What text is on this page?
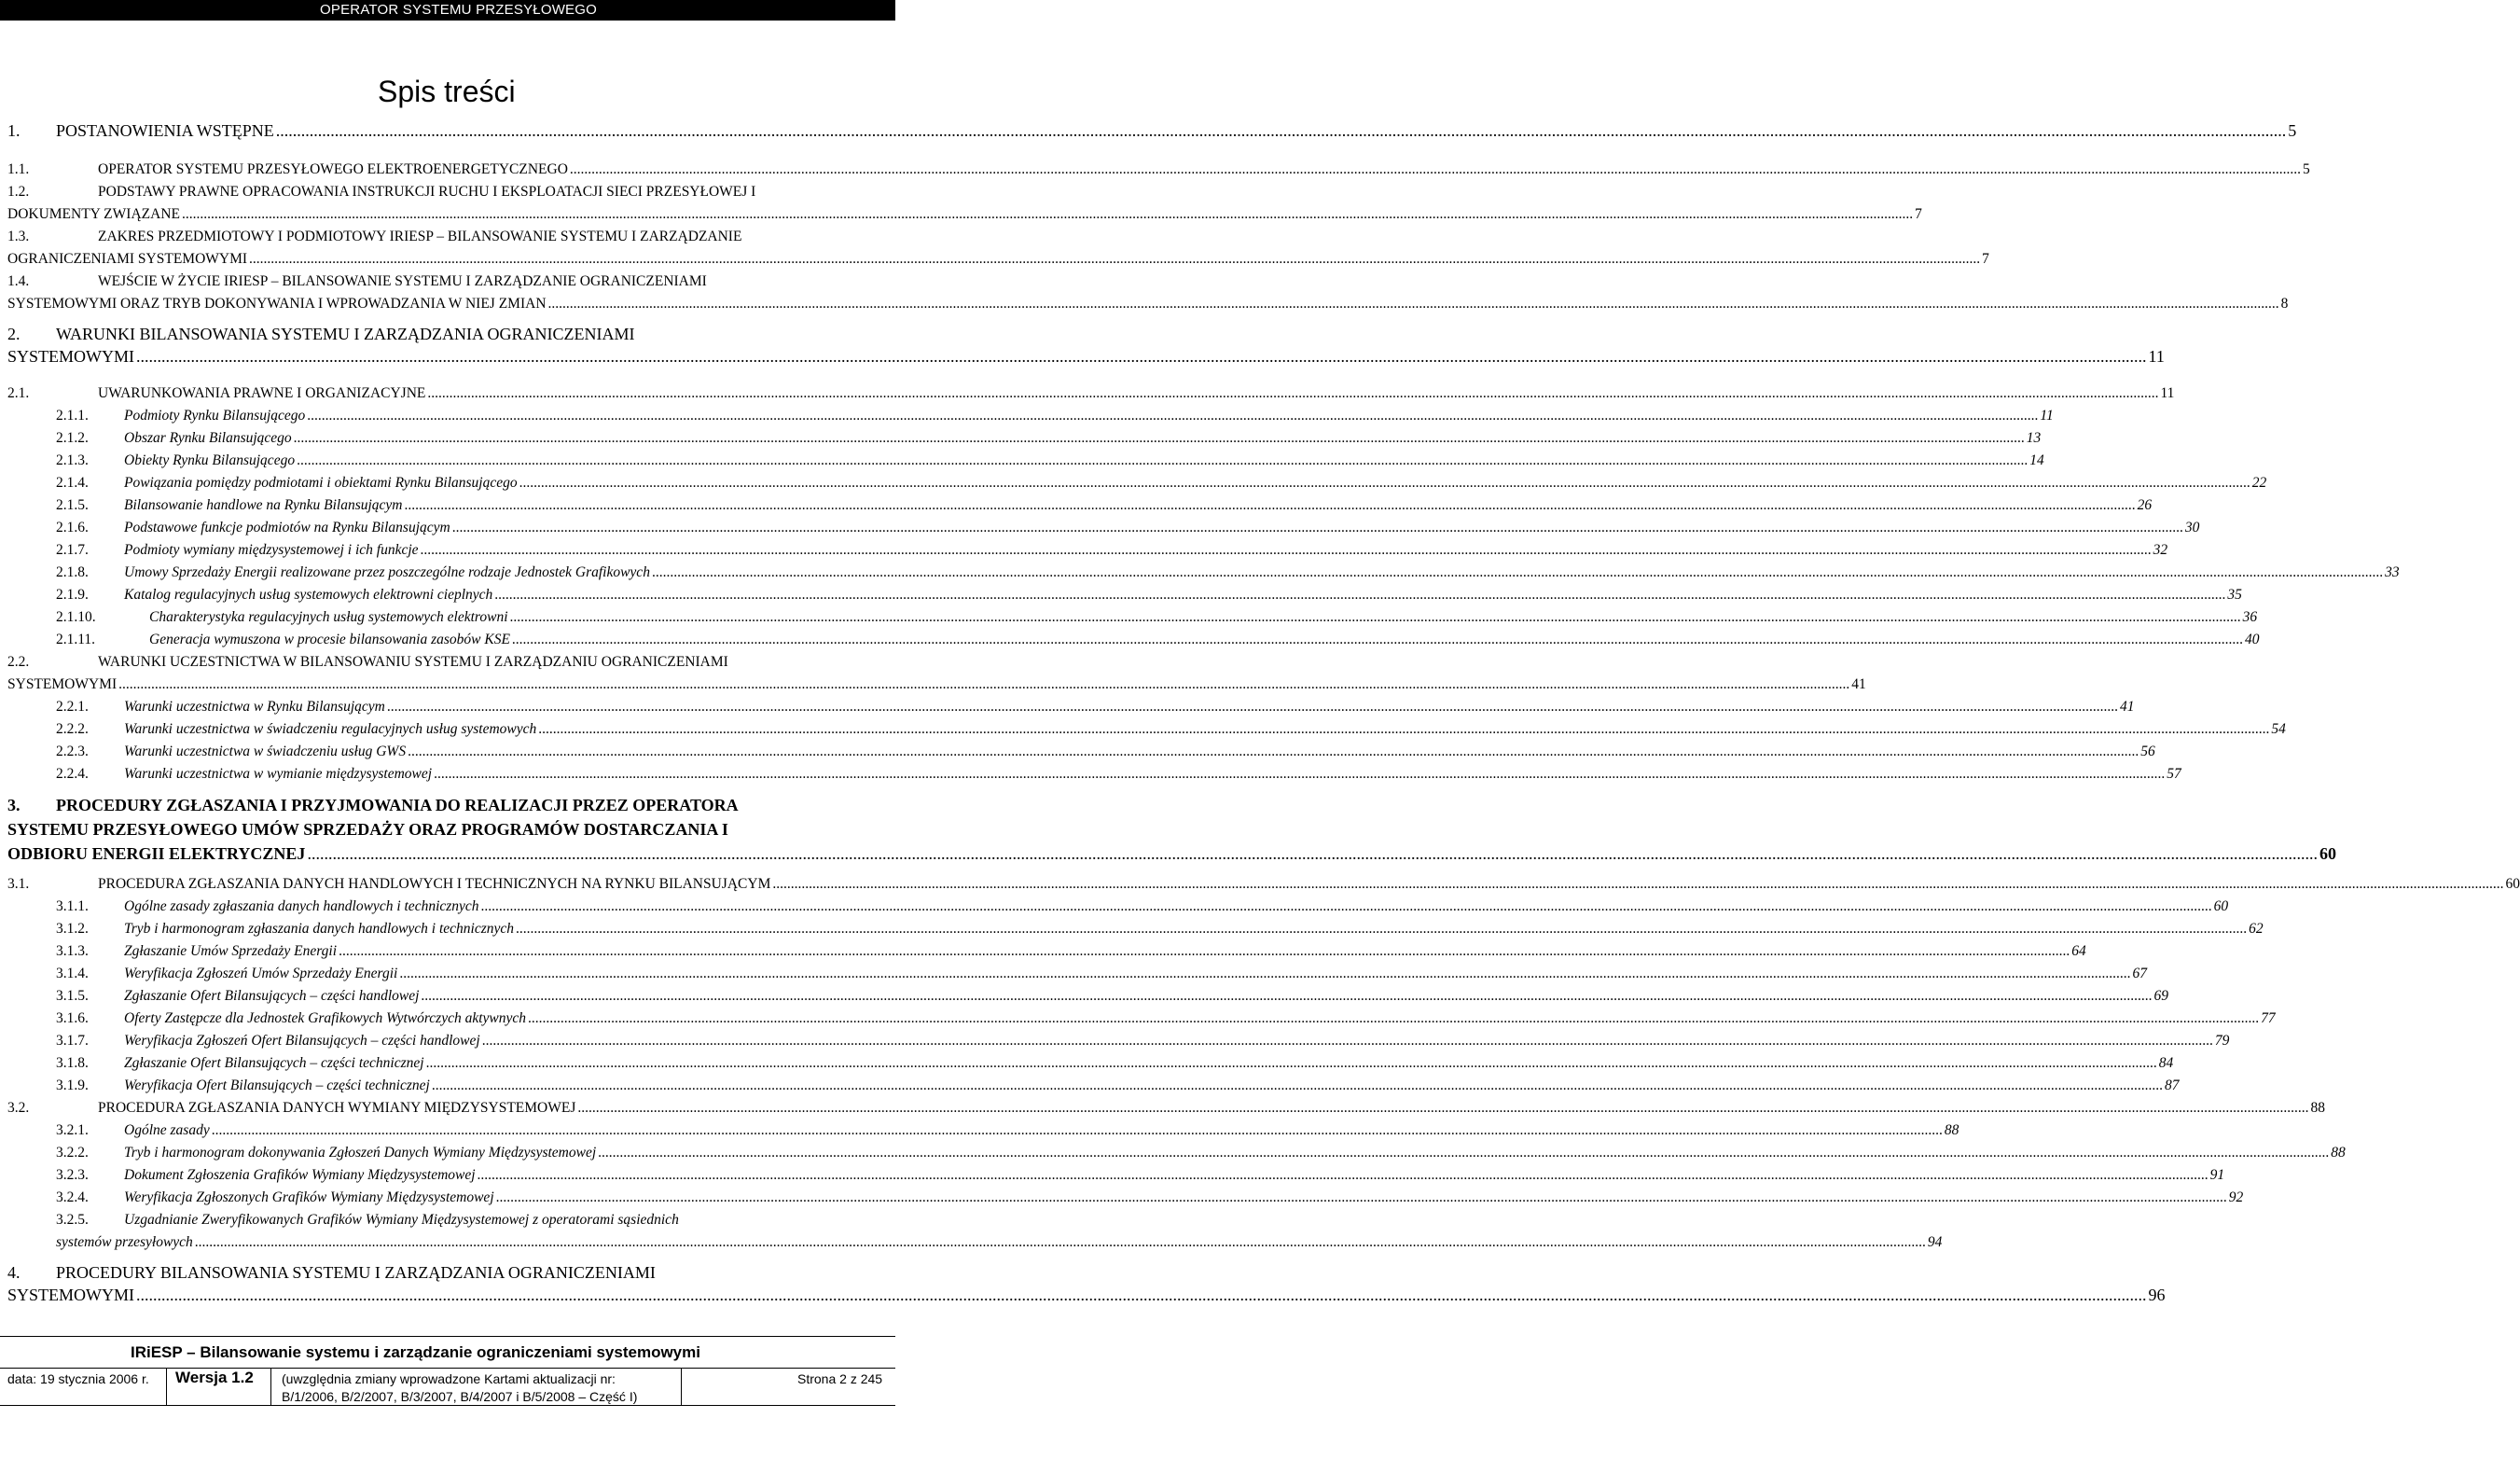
OPERATOR SYSTEMU PRZESYŁOWEGO
Spis treści
1. POSTANOWIENIA WSTĘPNE .....	5
1.1.	OPERATOR SYSTEMU PRZESYŁOWEGO ELEKTROENERGETYCZNEGO .....	5
1.2.	PODSTAWY PRAWNE OPRACOWANIA INSTRUKCJI RUCHU I EKSPLOATACJI SIECI PRZESYŁOWEJ I
DOKUMENTY ZWIĄZANE .....	7
1.3.	ZAKRES PRZEDMIOTOWY I PODMIOTOWY IRIESP – BILANSOWANIE SYSTEMU I ZARZĄDZANIE
OGRANICZENIAMI SYSTEMOWYMI .....	7
1.4.	WEJŚCIE W ŻYCIE IRIESP – BILANSOWANIE SYSTEMU I ZARZĄDZANIE OGRANICZENIAMI
SYSTEMOWYMI ORAZ TRYB DOKONYWANIA I WPROWADZANIA W NIEJ ZMIAN .....	8
2. WARUNKI BILANSOWANIA SYSTEMU I ZARZĄDZANIA OGRANICZENIAMI
SYSTEMOWYMI .....	11
2.1.	UWARUNKOWANIA PRAWNE I ORGANIZACYJNE .....	11
2.1.1. Podmioty Rynku Bilansującego .....	11
2.1.2. Obszar Rynku Bilansującego .....	13
2.1.3. Obiekty Rynku Bilansującego .....	14
2.1.4. Powiązania pomiędzy podmiotami i obiektami Rynku Bilansującego .....	22
2.1.5. Bilansowanie handlowe na Rynku Bilansującym .....	26
2.1.6. Podstawowe funkcje podmiotów na Rynku Bilansującym .....	30
2.1.7. Podmioty wymiany międzysystemowej i ich funkcje .....	32
2.1.8. Umowy Sprzedaży Energii realizowane przez poszczególne rodzaje Jednostek Grafikowych .....	33
2.1.9. Katalog regulacyjnych usług systemowych elektrowni cieplnych .....	35
2.1.10.	Charakterystyka regulacyjnych usług systemowych elektrowni .....	36
2.1.11.	Generacja wymuszona w procesie bilansowania zasobów KSE .....	40
2.2.	WARUNKI UCZESTNICTWA W BILANSOWANIU SYSTEMU I ZARZĄDZANIU OGRANICZENIAMI
SYSTEMOWYMI .....	41
2.2.1. Warunki uczestnictwa w Rynku Bilansującym .....	41
2.2.2. Warunki uczestnictwa w świadczeniu regulacyjnych usług systemowych .....	54
2.2.3. Warunki uczestnictwa w świadczeniu usług GWS .....	56
2.2.4. Warunki uczestnictwa w wymianie międzysystemowej .....	57
3. PROCEDURY ZGŁASZANIA I PRZYJMOWANIA DO REALIZACJI PRZEZ OPERATORA
SYSTEMU PRZESYŁOWEGO UMÓW SPRZEDAŻY ORAZ PROGRAMÓW DOSTARCZANIA I
ODBIORU ENERGII ELEKTRYCZNEJ .....	60
3.1.	PROCEDURA ZGŁASZANIA DANYCH HANDLOWYCH I TECHNICZNYCH NA RYNKU BILANSUJĄCYM .....	60
3.1.1. Ogólne zasady zgłaszania danych handlowych i technicznych .....	60
3.1.2. Tryb i harmonogram zgłaszania danych handlowych i technicznych .....	62
3.1.3. Zgłaszanie Umów Sprzedaży Energii .....	64
3.1.4. Weryfikacja Zgłoszeń Umów Sprzedaży Energii .....	67
3.1.5. Zgłaszanie Ofert Bilansujących – części handlowej .....	69
3.1.6. Oferty Zastępcze dla Jednostek Grafikowych Wytwórczych aktywnych .....	77
3.1.7. Weryfikacja Zgłoszeń Ofert Bilansujących – części handlowej .....	79
3.1.8. Zgłaszanie Ofert Bilansujących – części technicznej .....	84
3.1.9. Weryfikacja Ofert Bilansujących – części technicznej .....	87
3.2.	PROCEDURA ZGŁASZANIA DANYCH WYMIANY MIĘDZYSYSTEMOWEJ .....	88
3.2.1. Ogólne zasady .....	88
3.2.2. Tryb i harmonogram dokonywania Zgłoszeń Danych Wymiany Międzysystemowej .....	88
3.2.3. Dokument Zgłoszenia Grafików Wymiany Międzysystemowej .....	91
3.2.4. Weryfikacja Zgłoszonych Grafików Wymiany Międzysystemowej .....	92
3.2.5. Uzgadnianie Zweryfikowanych Grafików Wymiany Międzysystemowej z operatorami sąsiednich
systemów przesyłowych .....	94
4. PROCEDURY BILANSOWANIA SYSTEMU I ZARZĄDZANIA OGRANICZENIAMI
SYSTEMOWYMI .....	96
IRiESP – Bilansowanie systemu i zarządzanie ograniczeniami systemowymi
data: 19 stycznia 2006 r. Wersja 1.2 (uwzględnia zmiany wprowadzone Kartami aktualizacji nr:
B/1/2006, B/2/2007, B/3/2007, B/4/2007 i B/5/2008 – Część I)
Strona 2 z 245
